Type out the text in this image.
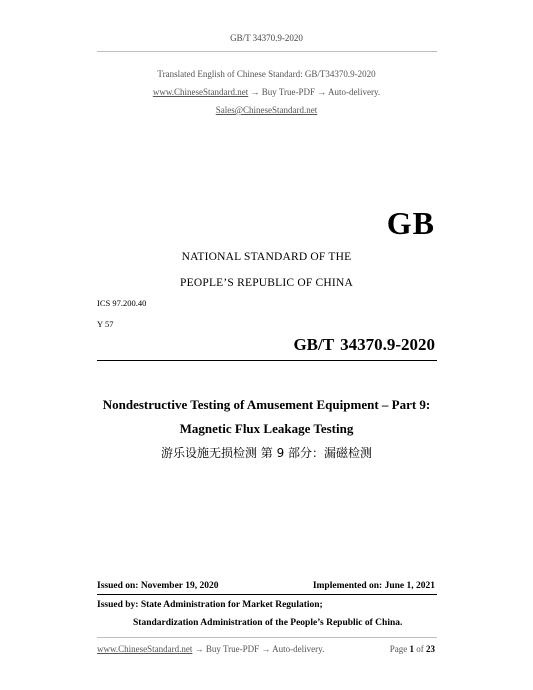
GB/T 34370.9-2020
Translated English of Chinese Standard: GB/T34370.9-2020
www.ChineseStandard.net → Buy True-PDF → Auto-delivery.
Sales@ChineseStandard.net
GB
NATIONAL STANDARD OF THE
PEOPLE’S REPUBLIC OF CHINA
ICS 97.200.40
Y 57
GB/T 34370.9-2020
Nondestructive Testing of Amusement Equipment – Part 9:
Magnetic Flux Leakage Testing
游乐设施无损检测 第 9 部分：漏磁检测
Issued on: November 19, 2020	Implemented on: June 1, 2021
Issued by: State Administration for Market Regulation;
Standardization Administration of the People’s Republic of China.
www.ChineseStandard.net → Buy True-PDF → Auto-delivery.	Page 1 of 23
